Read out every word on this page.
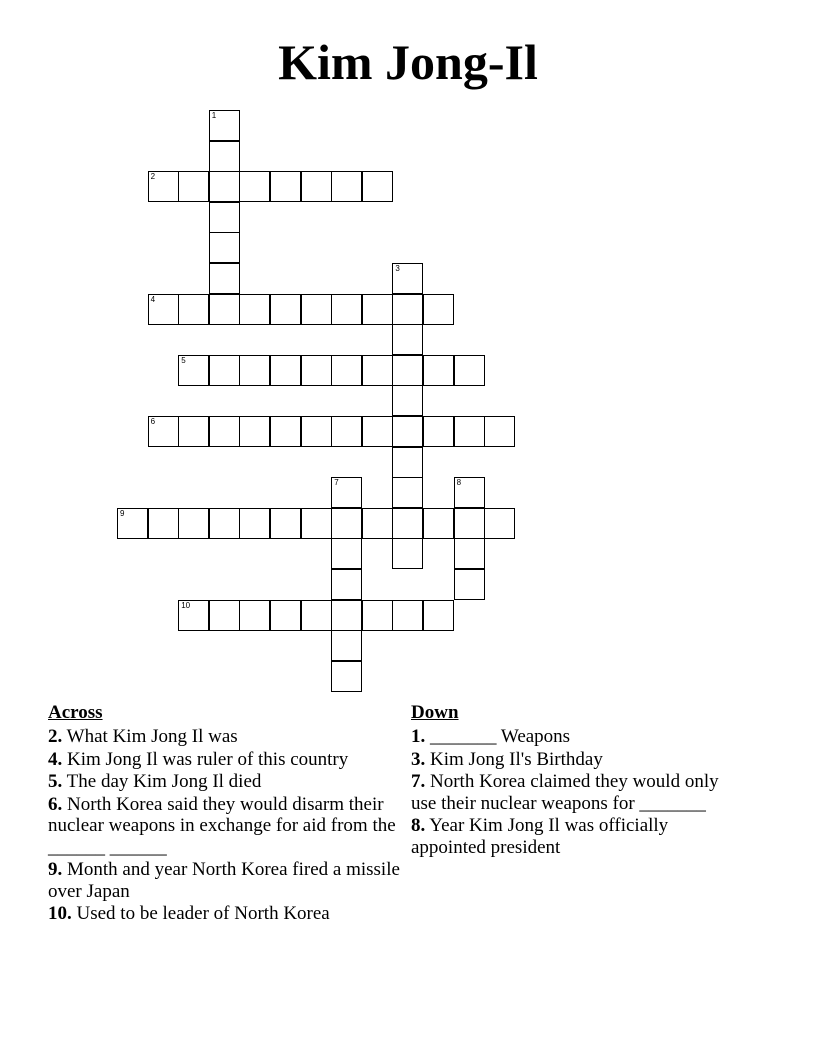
Kim Jong-Il
2
4
5
6
9
10
1
3
7	8
Across
2. What Kim Jong Il was
4. Kim Jong Il was ruler of this country
5. The day Kim Jong Il died
6. North Korea said they would disarm their nuclear weapons in exchange for aid from the ______ ______
9. Month and year North Korea fired a missile over Japan
10. Used to be leader of North Korea
Down
1. _______ Weapons
3. Kim Jong Il's Birthday
7. North Korea claimed they would only use their nuclear weapons for _______
8. Year Kim Jong Il was officially appointed president
